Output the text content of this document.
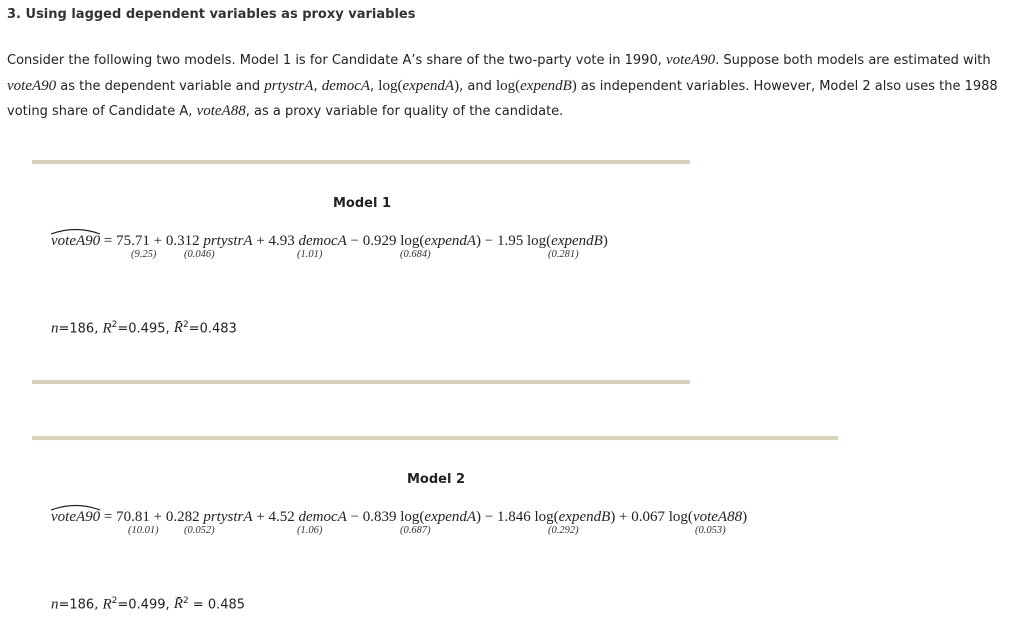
3. Using lagged dependent variables as proxy variables
Consider the following two models. Model 1 is for Candidate A’s share of the two-party vote in 1990, voteA90. Suppose both models are estimated with voteA90 as the dependent variable and prtystrA, democA, log(expendA), and log(expendB) as independent variables. However, Model 2 also uses the 1988 voting share of Candidate A, voteA88, as a proxy variable for quality of the candidate.
Model 1
voteA90 = 75.71 + 0.312 prtystrA + 4.93 democA − 0.929 log(expendA) − 1.95 log(expendB)
(9.25)	(0.046)	(1.01)	(0.684)	(0.281)
n=186, $R^2=0.495$, $R^2=0.483$
Model 2
voteA90 = 70.81 + 0.282 prtystrA + 4.52 democA − 0.839 log(expendA) − 1.846 log(expendB) + 0.067 log(voteA88)
(10.01) (0.052)	(1.06)	(0.687)	(0.292)	(0.053)
n=186, $R^2=0.499$, $R^2 = 0.485$
